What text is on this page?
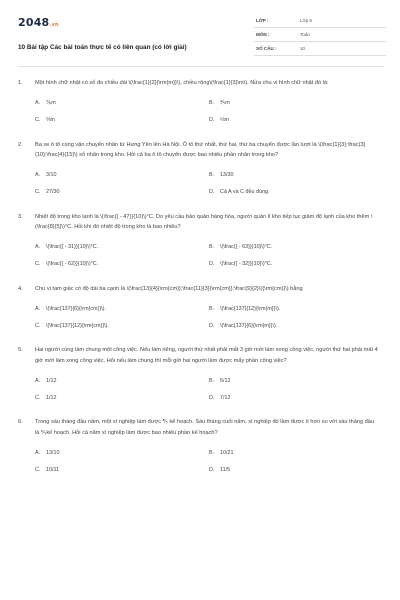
2048.vn
10 Bài tập Các bài toán thực tế có liên quan (có lời giải)
LỚP :	Lớp 6
MÔN :	Toán
SỐ CÂU :	10
1.	Một hình chữ nhật có số đo chiều dài \(\frac{1}{2}{\rm{m}}\), chiều rộng\(\frac{1}{3}\m\). Nửa chu vi hình chữ nhật đó là:
A.	⅚m	B.	⅘m
C.	⅔m	D.	⅓m
2.	Ba xe ô tô cùng vận chuyển nhãn từ Hưng Yên lên Hà Nội. Ô tô thứ nhất, thứ hai, thứ ba chuyển được lần lượt là \(\frac{1}{3};\frac{3}{10};\frac{4}{15}\) số nhãn trong kho. Hỏi cả ba ô tô chuyển được bao nhiêu phần nhãn trong kho?
A.	3/10	B.	13/30
C.	27/30	D.	Cả A và C đều đúng.
3.	Nhiệt độ trong kho lạnh là \(\frac{{ - 47}}{10}\)°C. Do yêu cầu bảo quản hàng hóa, người quản lí kho tiếp tục giảm độ lạnh của kho thêm \(\frac{8}{5}\)°C. Hỏi khi đó nhiệt độ trong kho là bao nhiêu?
A.	\(\frac{{ - 31}}{10}\)°C.	B.	\(\frac{{ - 63}}{10}\)°C.
C.	\(\frac{{ - 62}}{10}\)°C.	D.	\(\frac{{ - 32}}{10}\)°C.
4.	Chu vi tam giác có độ dài ba cạnh là \(\frac{13}{4}{\rm{cm}};\frac{11}{3}{\rm{cm}};\frac{9}{2}\({\rm{cm}}\) bằng
A.	\(\frac{137}{6}{\rm{cm}}\).	B.	\(\frac{137}{12}{\rm{m}}\).
C.	\(\frac{137}{12}{\rm{cm}}\).	D.	\(\frac{137}{6}{\rm{m}}\).
5.	Hai người cùng làm chung một công việc. Nếu làm riêng, người thứ nhất phải mất 3 giờ mới làm xong công việc, người thứ hai phải mất 4 giờ mới làm xong công việc. Hỏi nếu làm chung thì mỗi giờ hai người làm được mấy phần công việc?
A.	1/12	B.	5/12
C.	1/12	D.	7/12
6.	Trong sáu tháng đầu năm, một xí nghiệp làm được ⅗ kế hoạch. Sáu tháng cuối năm, xí nghiệp đó làm được ít hơn so với sáu tháng đầu là ⅕kế hoạch. Hỏi cả năm xí nghiệp làm được bao nhiêu phần kế hoạch?
A.	13/10	B.	10/21
C.	10/11	D.	11/5
